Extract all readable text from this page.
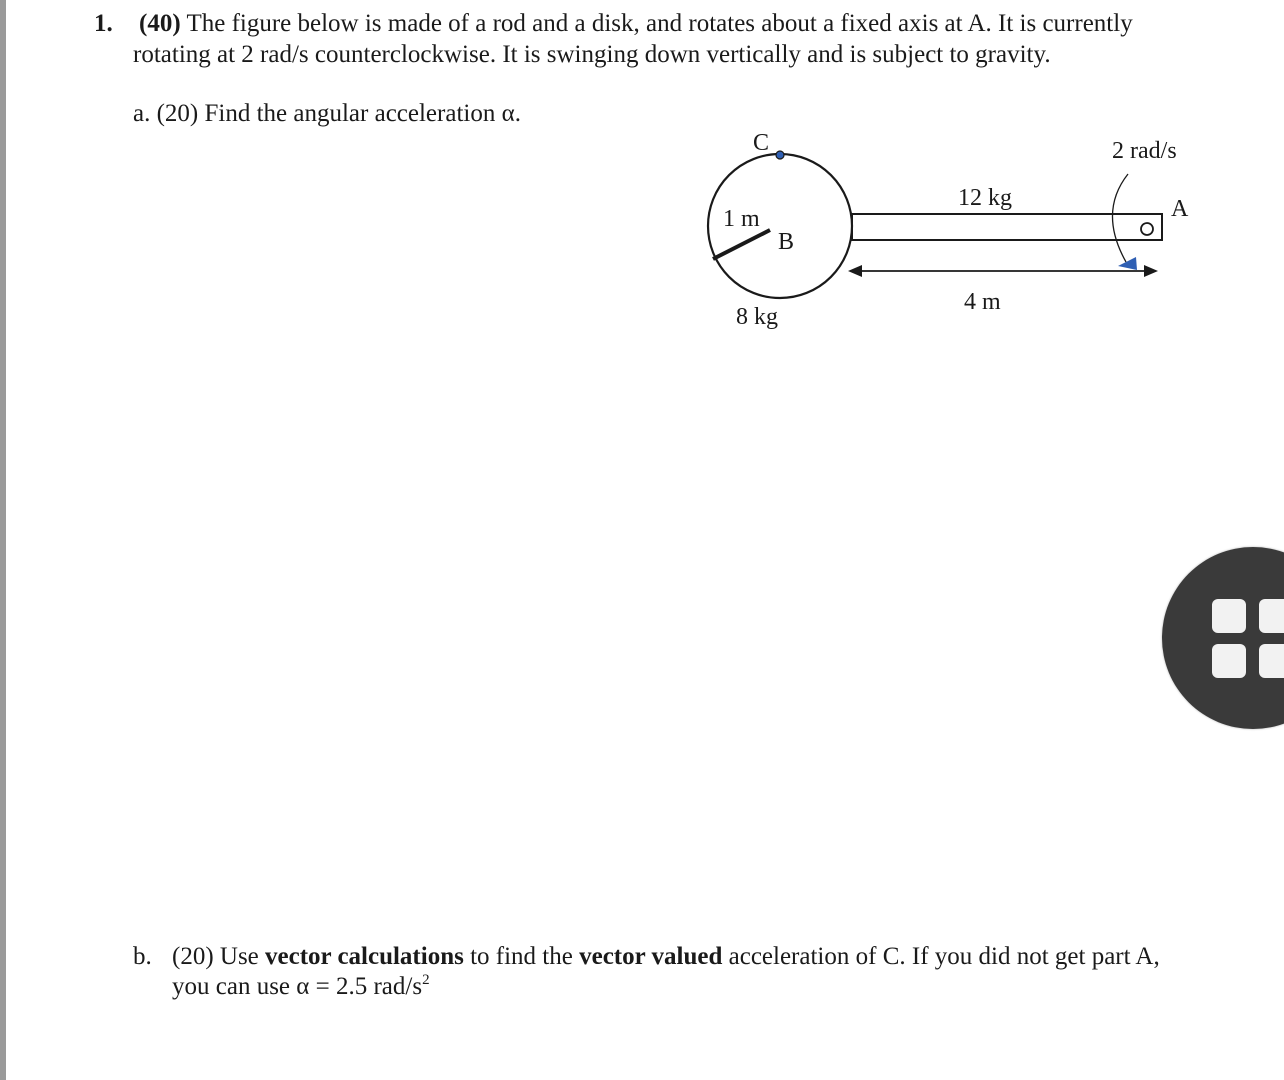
1. (40) The figure below is made of a rod and a disk, and rotates about a fixed axis at A. It is currently
rotating at 2 rad/s counterclockwise. It is swinging down vertically and is subject to gravity.
a. (20) Find the angular acceleration α.
C
B
A
1 m
8 kg
12 kg
4 m
2 rad/s
b. (20) Use vector calculations to find the vector valued acceleration of C. If you did not get part A,
you can use α = 2.5 rad/$s^2$
